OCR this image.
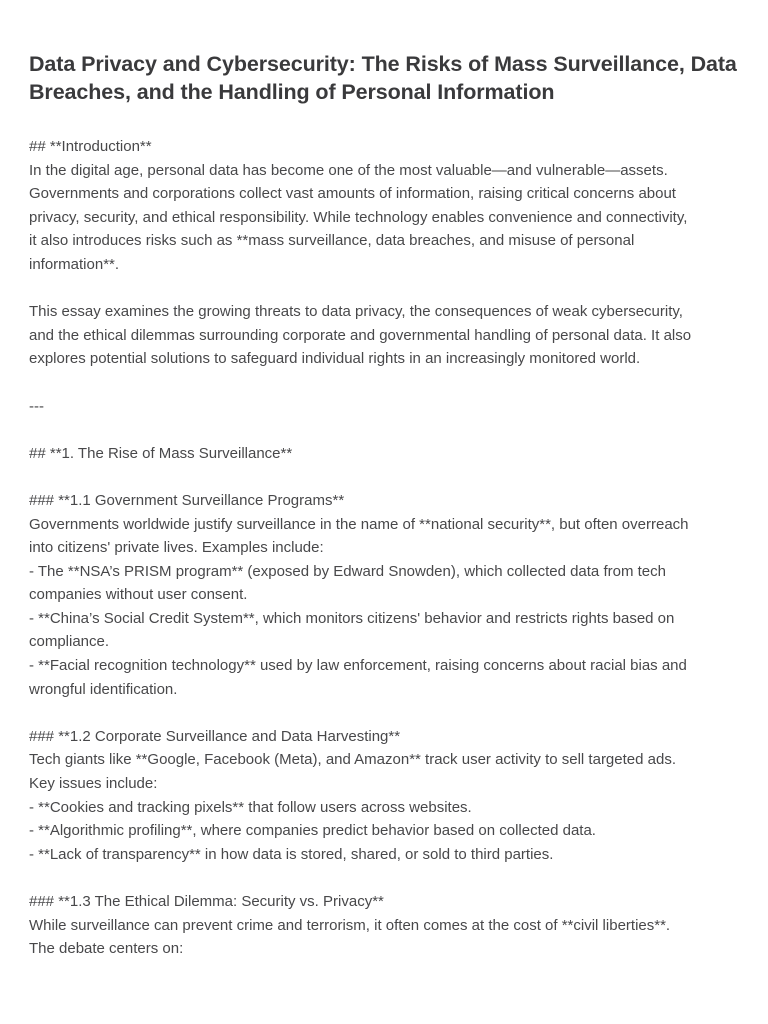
Data Privacy and Cybersecurity: The Risks of Mass Surveillance, Data
Breaches, and the Handling of Personal Information
## **Introduction**
In the digital age, personal data has become one of the most valuable—and vulnerable—assets.
Governments and corporations collect vast amounts of information, raising critical concerns about
privacy, security, and ethical responsibility. While technology enables convenience and connectivity,
it also introduces risks such as **mass surveillance, data breaches, and misuse of personal
information**.
This essay examines the growing threats to data privacy, the consequences of weak cybersecurity,
and the ethical dilemmas surrounding corporate and governmental handling of personal data. It also
explores potential solutions to safeguard individual rights in an increasingly monitored world.
---
## **1. The Rise of Mass Surveillance**
### **1.1 Government Surveillance Programs**
Governments worldwide justify surveillance in the name of **national security**, but often overreach
into citizens' private lives. Examples include:
- The **NSA’s PRISM program** (exposed by Edward Snowden), which collected data from tech
companies without user consent.
- **China’s Social Credit System**, which monitors citizens' behavior and restricts rights based on
compliance.
- **Facial recognition technology** used by law enforcement, raising concerns about racial bias and
wrongful identification.
### **1.2 Corporate Surveillance and Data Harvesting**
Tech giants like **Google, Facebook (Meta), and Amazon** track user activity to sell targeted ads.
Key issues include:
- **Cookies and tracking pixels** that follow users across websites.
- **Algorithmic profiling**, where companies predict behavior based on collected data.
- **Lack of transparency** in how data is stored, shared, or sold to third parties.
### **1.3 The Ethical Dilemma: Security vs. Privacy**
While surveillance can prevent crime and terrorism, it often comes at the cost of **civil liberties**.
The debate centers on:
